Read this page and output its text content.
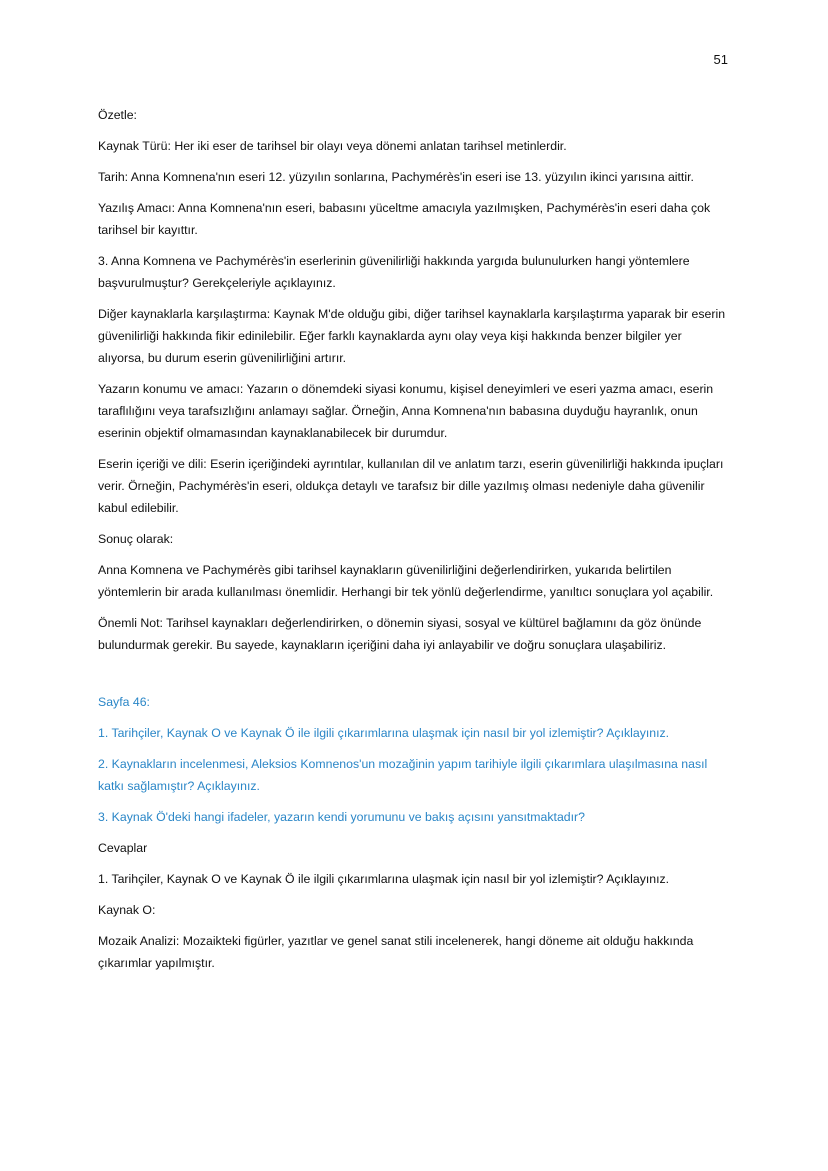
51

Özetle:

Kaynak Türü: Her iki eser de tarihsel bir olayı veya dönemi anlatan tarihsel metinlerdir.

Tarih: Anna Komnena'nın eseri 12. yüzyılın sonlarına, Pachymérès'in eseri ise 13. yüzyılın ikinci yarısına aittir.

Yazılış Amacı: Anna Komnena'nın eseri, babasını yüceltme amacıyla yazılmışken, Pachymérès'in eseri daha çok tarihsel bir kayıttır.

3. Anna Komnena ve Pachymérès'in eserlerinin güvenilirliği hakkında yargıda bulunulurken hangi yöntemlere başvurulmuştur? Gerekçeleriyle açıklayınız.

Diğer kaynaklarla karşılaştırma: Kaynak M'de olduğu gibi, diğer tarihsel kaynaklarla karşılaştırma yaparak bir eserin güvenilirliği hakkında fikir edinilebilir. Eğer farklı kaynaklarda aynı olay veya kişi hakkında benzer bilgiler yer alıyorsa, bu durum eserin güvenilirliğini artırır.

Yazarın konumu ve amacı: Yazarın o dönemdeki siyasi konumu, kişisel deneyimleri ve eseri yazma amacı, eserin taraflılığını veya tarafsızlığını anlamayı sağlar. Örneğin, Anna Komnena'nın babasına duyduğu hayranlık, onun eserinin objektif olmamasından kaynaklanabilecek bir durumdur.

Eserin içeriği ve dili: Eserin içeriğindeki ayrıntılar, kullanılan dil ve anlatım tarzı, eserin güvenilirliği hakkında ipuçları verir. Örneğin, Pachymérès'in eseri, oldukça detaylı ve tarafsız bir dille yazılmış olması nedeniyle daha güvenilir kabul edilebilir.

Sonuç olarak:

Anna Komnena ve Pachymérès gibi tarihsel kaynakların güvenilirliğini değerlendirirken, yukarıda belirtilen yöntemlerin bir arada kullanılması önemlidir. Herhangi bir tek yönlü değerlendirme, yanıltıcı sonuçlara yol açabilir.

Önemli Not: Tarihsel kaynakları değerlendirirken, o dönemin siyasi, sosyal ve kültürel bağlamını da göz önünde bulundurmak gerekir. Bu sayede, kaynakların içeriğini daha iyi anlayabilir ve doğru sonuçlara ulaşabiliriz.

Sayfa 46:

1. Tarihçiler, Kaynak O ve Kaynak Ö ile ilgili çıkarımlarına ulaşmak için nasıl bir yol izlemiştir? Açıklayınız.

2. Kaynakların incelenmesi, Aleksios Komnenos'un mozağinin yapım tarihiyle ilgili çıkarımlara ulaşılmasına nasıl katkı sağlamıştır? Açıklayınız.

3. Kaynak Ö'deki hangi ifadeler, yazarın kendi yorumunu ve bakış açısını yansıtmaktadır?

Cevaplar

1. Tarihçiler, Kaynak O ve Kaynak Ö ile ilgili çıkarımlarına ulaşmak için nasıl bir yol izlemiştir? Açıklayınız.

Kaynak O:

Mozaik Analizi: Mozaikteki figürler, yazıtlar ve genel sanat stili incelenerek, hangi döneme ait olduğu hakkında çıkarımlar yapılmıştır.
